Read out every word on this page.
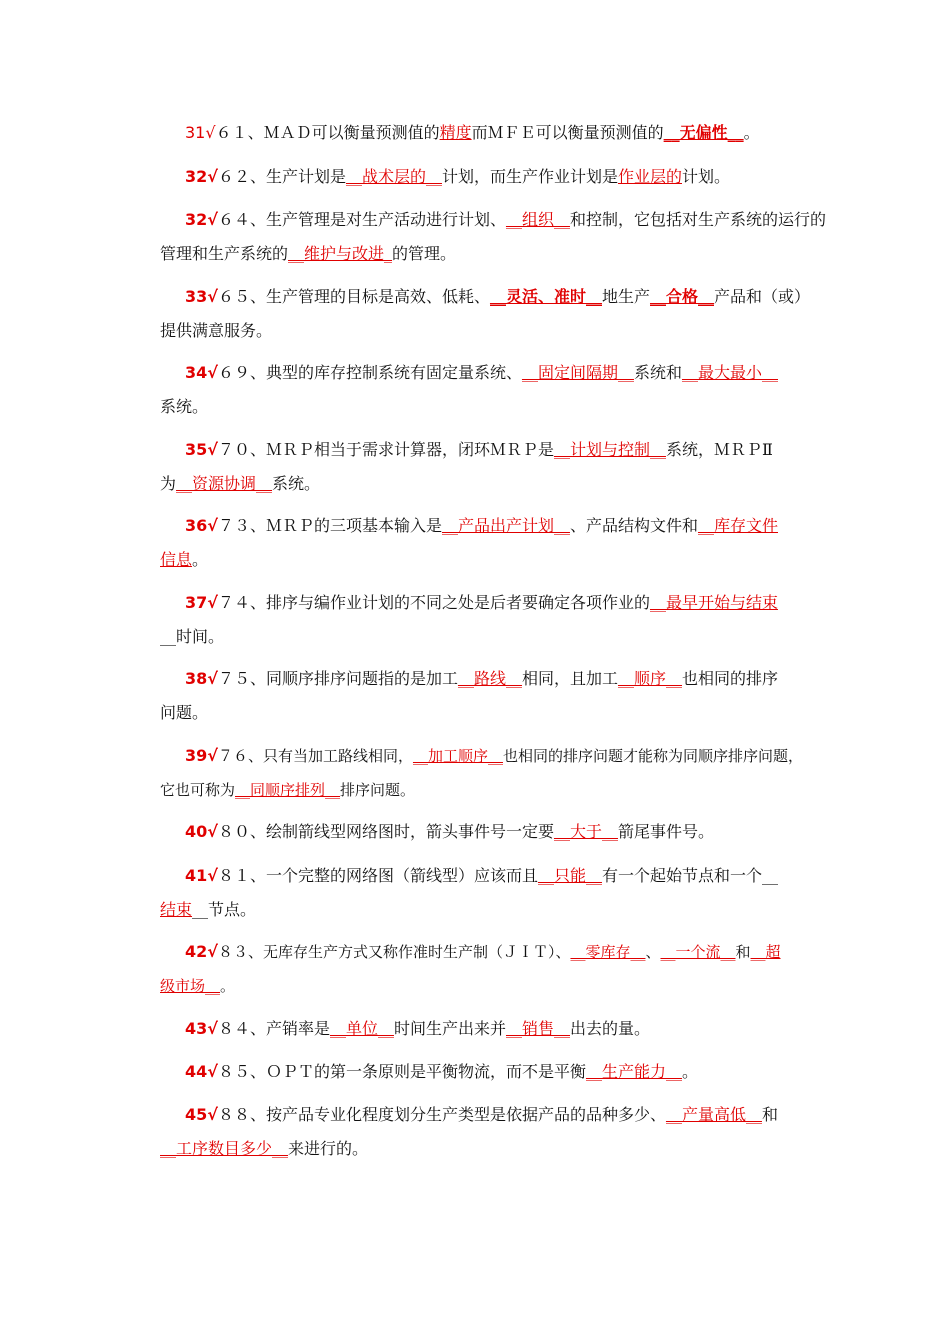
31√６１、ＭＡＤ可以衡量预测值的精度而ＭＦＥ可以衡量预测值的__无偏性__。
32√６２、生产计划是__战术层的__计划，而生产作业计划是作业层的计划。
32√６４、生产管理是对生产活动进行计划、__组织__和控制，它包括对生产系统的运行的
管理和生产系统的__维护与改进_的管理。
33√６５、生产管理的目标是高效、低耗、__灵活、准时__地生产__合格__产品和（或）
提供满意服务。
34√６９、典型的库存控制系统有固定量系统、__固定间隔期__系统和__最大最小__
系统。
35√７０、ＭＲＰ相当于需求计算器，闭环ＭＲＰ是__计划与控制__系统，ＭＲＰⅡ
为__资源协调__系统。
36√７３、ＭＲＰ的三项基本输入是__产品出产计划__、产品结构文件和__库存文件
信息。
37√７４、排序与编作业计划的不同之处是后者要确定各项作业的__最早开始与结束
__时间。
38√７５、同顺序排序问题指的是加工__路线__相同，且加工__顺序__也相同的排序
问题。
39√７６、只有当加工路线相同，__加工顺序__也相同的排序问题才能称为同顺序排序问题，
它也可称为__同顺序排列__排序问题。
40√８０、绘制箭线型网络图时，箭头事件号一定要__大于__箭尾事件号。
41√８１、一个完整的网络图（箭线型）应该而且__只能__有一个起始节点和一个__
结束__节点。
42√８３、无库存生产方式又称作准时生产制（ＪＩＴ）、__零库存__、__一个流__和__超
级市场__。
43√８４、产销率是__单位__时间生产出来并__销售__出去的量。
44√８５、ＯＰＴ的第一条原则是平衡物流，而不是平衡__生产能力__。
45√８８、按产品专业化程度划分生产类型是依据产品的品种多少、__产量高低__和
__工序数目多少__来进行的。
